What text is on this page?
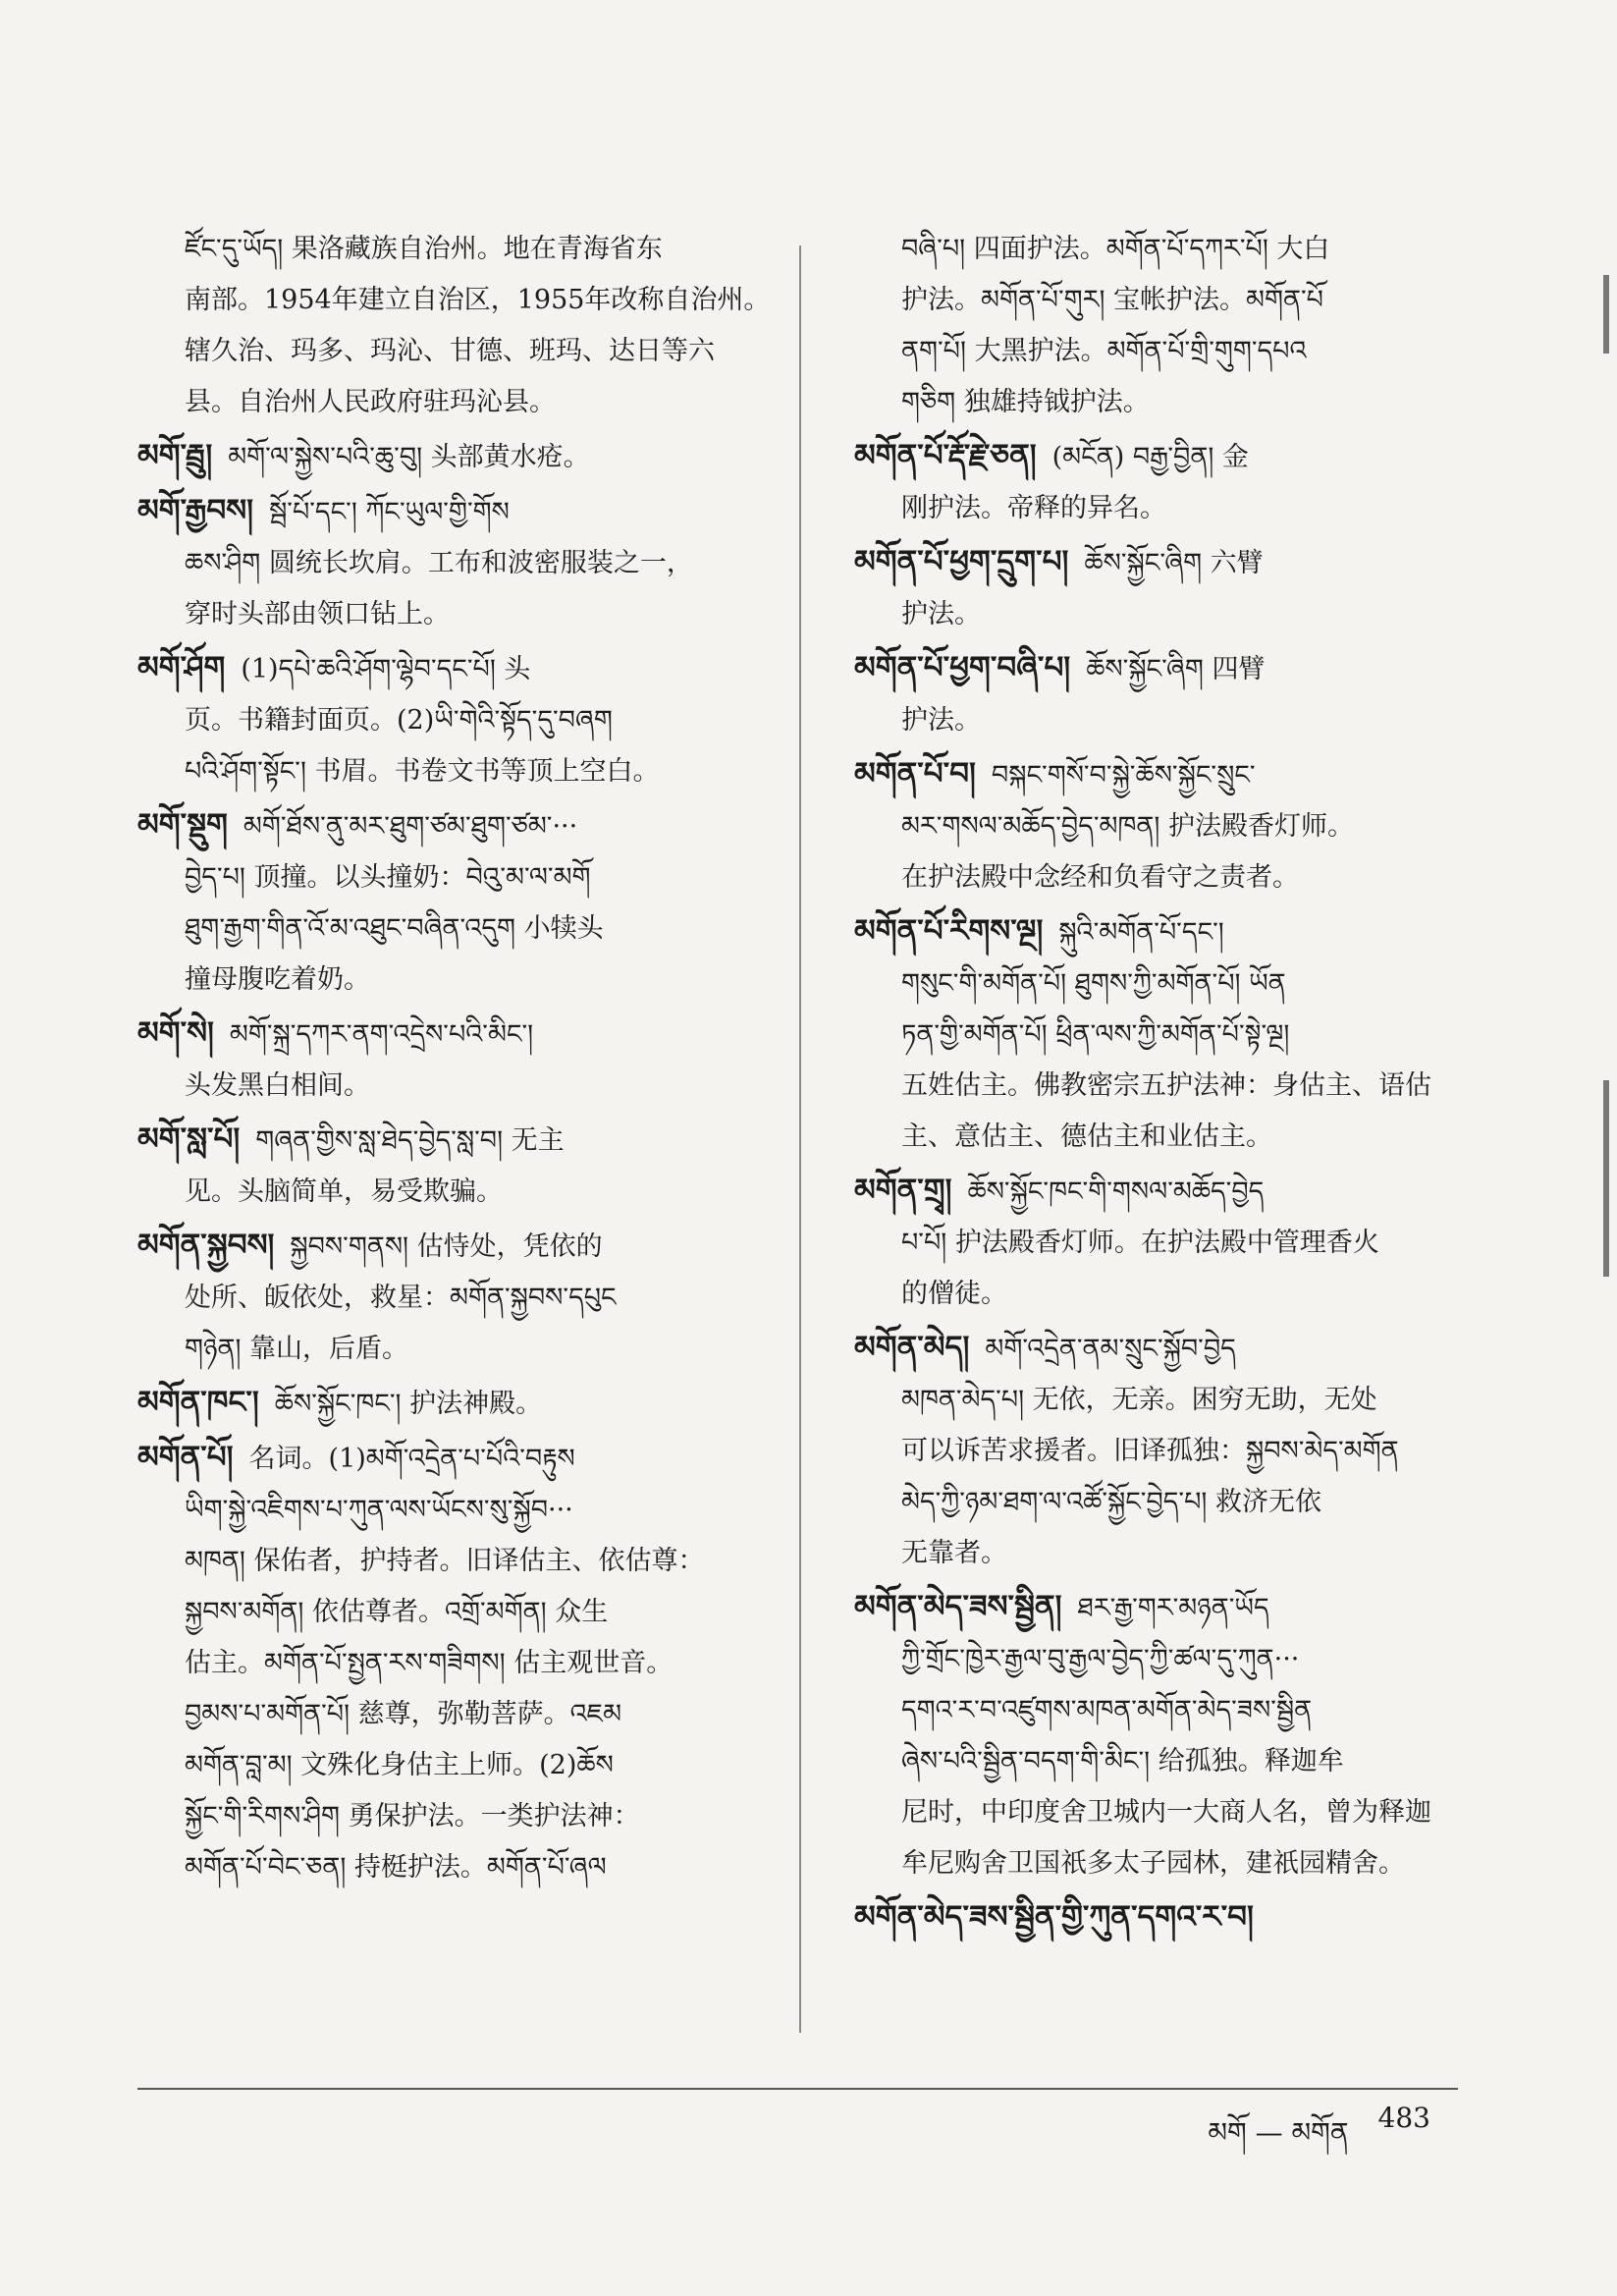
ཛོང་དུ་ཡོད། 果洛藏族自治州。地在青海省东
南部。1954年建立自治区，1955年改称自治州。
辖久治、玛多、玛沁、甘德、班玛、达日等六
县。自治州人民政府驻玛沁县。
མགོ་རྦྲུ། མགོ་ལ་སྐྱེས་པའི་ཆུ་བུ། 头部黄水疮。
མགོ་རྒྱབས། སྦོ་པོ་དང་། ཀོང་ཡུལ་གྱི་གོས
ཆས་ཤིག 圆统长坎肩。工布和波密服装之一，
穿时头部由领口钻上。
མགོ་ཤོག (1)དཔེ་ཆའི་ཤོག་ལྷེབ་དང་པོ། 头
页。书籍封面页。(2)ཡི་གེའི་སྟོད་དུ་བཞག
པའི་ཤོག་སྟོང་། 书眉。书卷文书等顶上空白。
མགོ་སྡུག མགོ་ཐོས་ནུ་མར་ཐུག་ཙམ་ཐུག་ཙམ་···
བྱེད་པ། 顶撞。以头撞奶：བེའུ་མ་ལ་མགོ
ཐུག་རྒྱག་གིན་འོ་མ་འཐུང་བཞིན་འདུག 小犊头
撞母腹吃着奶。
མགོ་སེ། མགོ་སྐྲ་དཀར་ནག་འདྲེས་པའི་མིང་།
头发黑白相间。
མགོ་སླ་པོ། གཞན་གྱིས་སླ་ཐེད་བྱེད་སླ་བ། 无主
见。头脑简单，易受欺骗。
མགོན་སྐྱབས། སྐྱབས་གནས། 估恃处，凭依的
处所、皈依处，救星：མགོན་སྐྱབས་དཔུང
གཉེན། 靠山，后盾。
མགོན་ཁང་། ཆོས་སྐྱོང་ཁང་། 护法神殿。
མགོན་པོ། 名词。(1)མགོ་འདྲེན་པ་པོའི་བརྟུས
ཡིག་སྐྱེ་འཇིགས་པ་ཀུན་ལས་ཡོངས་སུ་སྐྱོབ···
མཁན། 保佑者，护持者。旧译估主、依估尊：
སྐྱབས་མགོན། 依估尊者。འགྲོ་མགོན། 众生
估主。མགོན་པོ་སྤྱན་རས་གཟིགས། 估主观世音。
བྱམས་པ་མགོན་པོ། 慈尊，弥勒菩萨。འཇམ
མགོན་བླ་མ། 文殊化身估主上师。(2)ཆོས
སྐྱོང་གི་རིགས་ཤིག 勇保护法。一类护法神：
མགོན་པོ་བེང་ཅན། 持梃护法。མགོན་པོ་ཞལ
བཞི་པ། 四面护法。མགོན་པོ་དཀར་པོ། 大白
护法。མགོན་པོ་གུར། 宝帐护法。མགོན་པོ
ནག་པོ། 大黑护法。མགོན་པོ་གྲི་གུག་དཔའ
གཅིག 独雄持钺护法。
མགོན་པོ་རྡོ་རྗེ་ཅན། (མངོན) བརྒྱ་བྱིན། 金
刚护法。帝释的异名。
མགོན་པོ་ཕྱག་དྲུག་པ། ཆོས་སྐྱོང་ཞིག 六臂
护法。
མགོན་པོ་ཕྱག་བཞི་པ། ཆོས་སྐྱོང་ཞིག 四臂
护法。
མགོན་པོ་བ། བསྐང་གསོ་བ་སྐྱེ་ཆོས་སྐྱོང་སྲུང་
མར་གསལ་མཆོད་བྱེད་མཁན། 护法殿香灯师。
在护法殿中念经和负看守之责者。
མགོན་པོ་རིགས་ལྔ། སྐུའི་མགོན་པོ་དང་།
གསུང་གི་མགོན་པོ། ཐུགས་ཀྱི་མགོན་པོ། ཡོན
ཏན་གྱི་མགོན་པོ། ཕྲིན་ལས་ཀྱི་མགོན་པོ་སྟེ་ལྔ།
五姓估主。佛教密宗五护法神：身估主、语估
主、意估主、德估主和业估主。
མགོན་གྲྭ། ཆོས་སྐྱོང་ཁང་གི་གསལ་མཆོད་བྱེད
པ་པོ། 护法殿香灯师。在护法殿中管理香火
的僧徒。
མགོན་མེད། མགོ་འདྲེན་ནམ་སྲུང་སྐྱོབ་བྱེད
མཁན་མེད་པ། 无依，无亲。困穷无助，无处
可以诉苦求援者。旧译孤独：སྐྱབས་མེད་མགོན
མེད་ཀྱི་ཉམ་ཐག་ལ་འཚོ་སྐྱོང་བྱེད་པ། 救济无依
无靠者。
མགོན་མེད་ཟས་སྦྱིན། ཐར་རྒྱ་གར་མཉན་ཡོད
ཀྱི་གྲོང་ཁྱེར་རྒྱལ་བུ་རྒྱལ་བྱེད་ཀྱི་ཚལ་དུ་ཀུན···
དགའ་ར་བ་འཛུགས་མཁན་མགོན་མེད་ཟས་སྦྱིན
ཞེས་པའི་སྦྱིན་བདག་གི་མིང་། 给孤独。释迦牟
尼时，中印度舍卫城内一大商人名，曾为释迦
牟尼购舍卫国祇多太子园林，建祇园精舍。
མགོན་མེད་ཟས་སྦྱིན་གྱི་ཀུན་དགའ་ར་བ།
མགོ — མགོན 483
